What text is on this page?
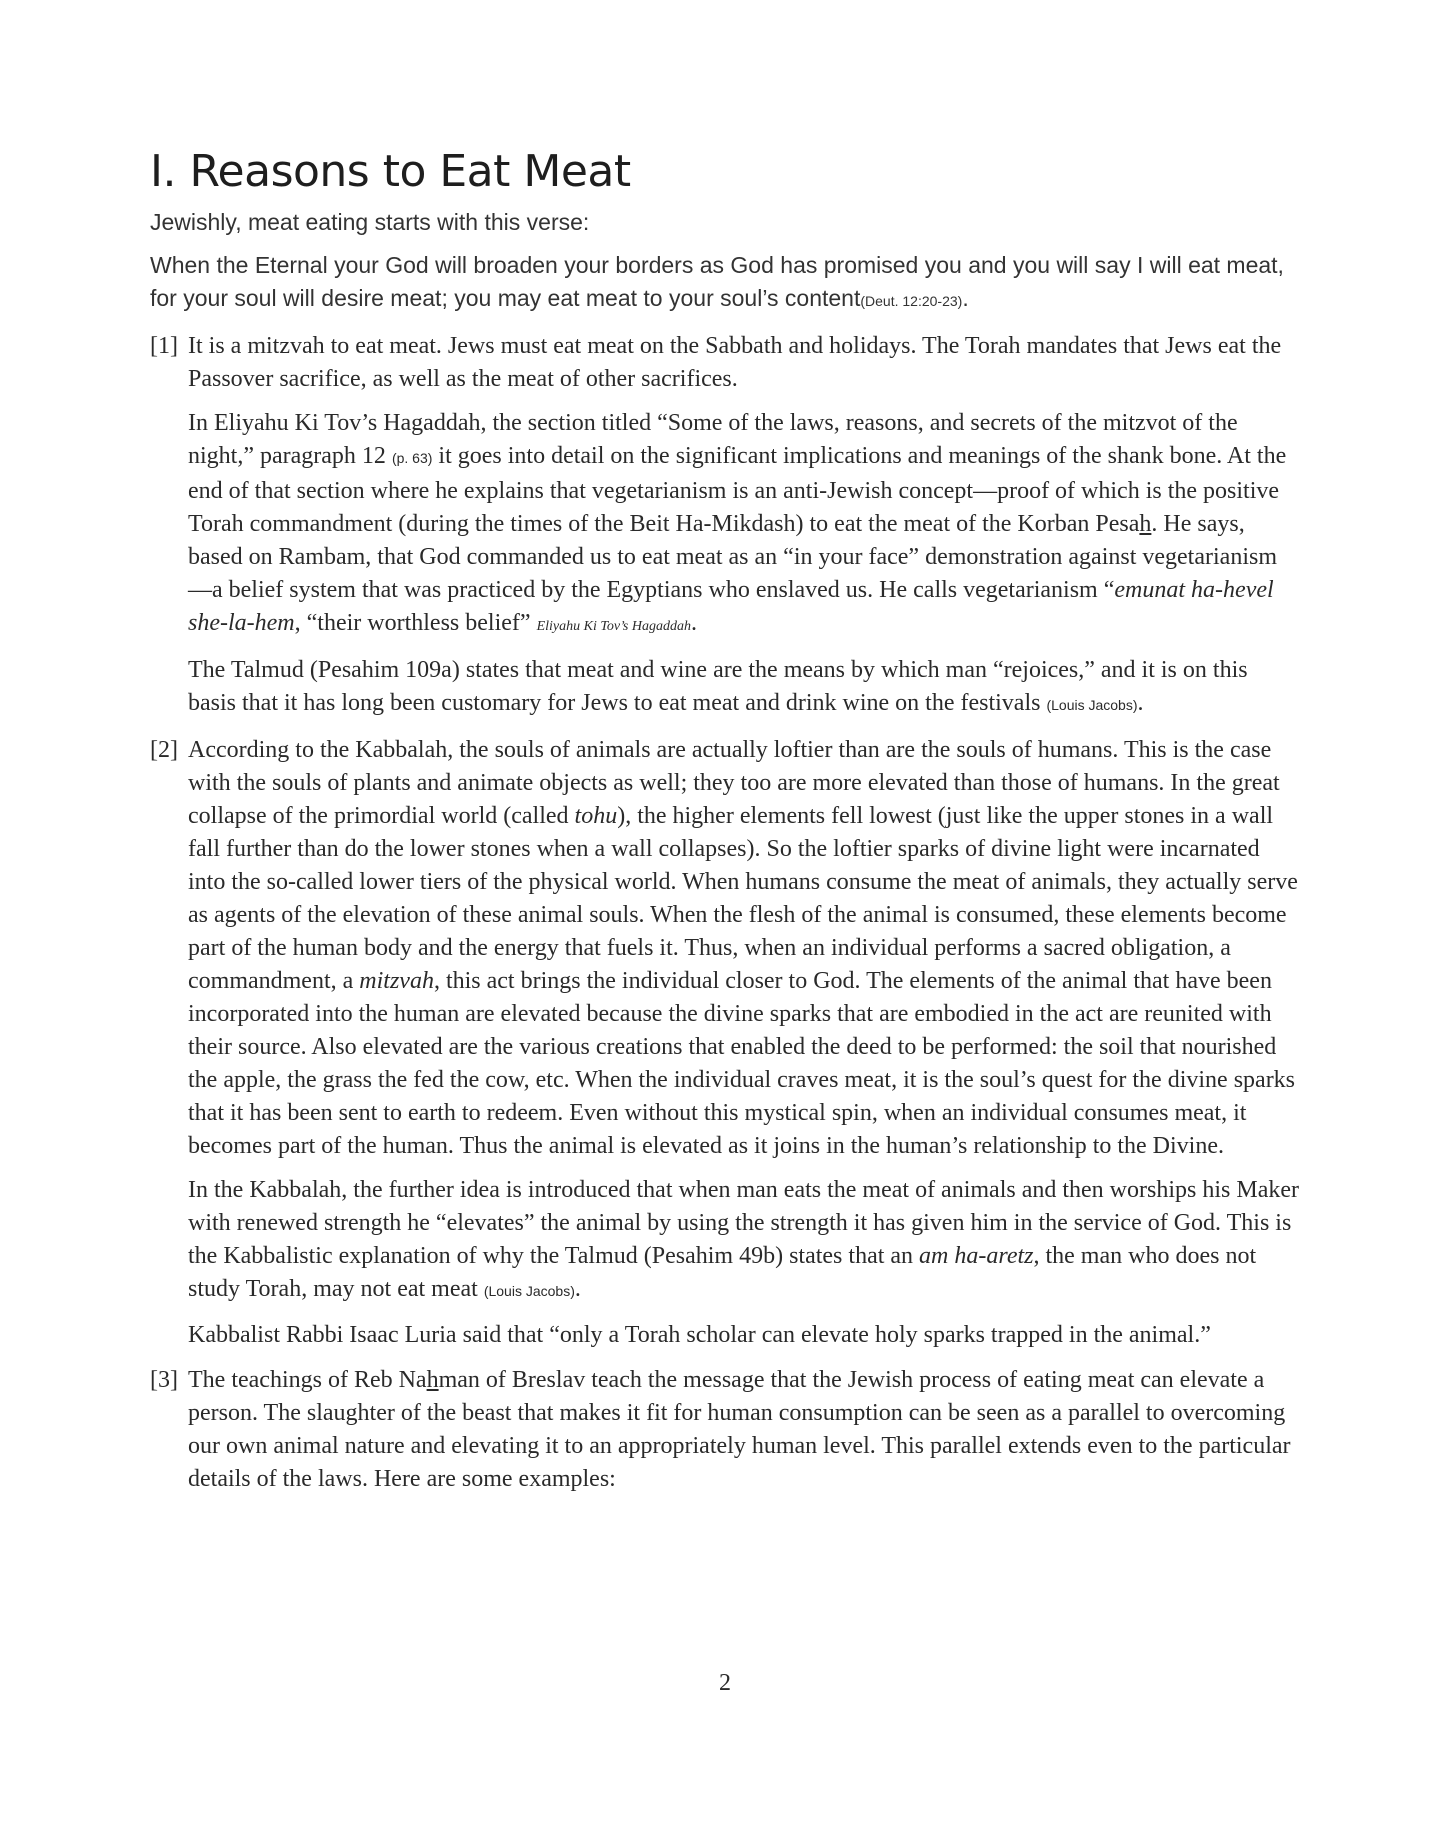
I. Reasons to Eat Meat

Jewishly, meat eating starts with this verse:

When the Eternal your God will broaden your borders as God has promised you and you will say I will eat meat, for your soul will desire meat; you may eat meat to your soul’s content(Deut. 12:20-23).

[1] It is a mitzvah to eat meat. Jews must eat meat on the Sabbath and holidays. The Torah mandates that Jews eat the Passover sacrifice, as well as the meat of other sacrifices.

In Eliyahu Ki Tov’s Hagaddah, the section titled “Some of the laws, reasons, and secrets of the mitzvot of the night,” paragraph 12 (p. 63) it goes into detail on the significant implications and meanings of the shank bone. At the end of that section where he explains that vegetarianism is an anti-Jewish concept—proof of which is the positive Torah commandment (during the times of the Beit Ha-Mikdash) to eat the meat of the Korban Pesah. He says, based on Rambam, that God commanded us to eat meat as an “in your face” demonstration against vegetarianism—a belief system that was practiced by the Egyptians who enslaved us. He calls vegetarianism “emunat ha-hevel she-la-hem, “their worthless belief” Eliyahu Ki Tov’s Hagaddah.

The Talmud (Pesahim 109a) states that meat and wine are the means by which man “rejoices,” and it is on this basis that it has long been customary for Jews to eat meat and drink wine on the festivals (Louis Jacobs).

[2] According to the Kabbalah, the souls of animals are actually loftier than are the souls of humans. This is the case with the souls of plants and animate objects as well; they too are more elevated than those of humans. In the great collapse of the primordial world (called tohu), the higher elements fell lowest (just like the upper stones in a wall fall further than do the lower stones when a wall collapses). So the loftier sparks of divine light were incarnated into the so-called lower tiers of the physical world. When humans consume the meat of animals, they actually serve as agents of the elevation of these animal souls. When the flesh of the animal is consumed, these elements become part of the human body and the energy that fuels it. Thus, when an individual performs a sacred obligation, a commandment, a mitzvah, this act brings the individual closer to God. The elements of the animal that have been incorporated into the human are elevated because the divine sparks that are embodied in the act are reunited with their source. Also elevated are the various creations that enabled the deed to be performed: the soil that nourished the apple, the grass the fed the cow, etc. When the individual craves meat, it is the soul’s quest for the divine sparks that it has been sent to earth to redeem. Even without this mystical spin, when an individual consumes meat, it becomes part of the human. Thus the animal is elevated as it joins in the human’s relationship to the Divine.

In the Kabbalah, the further idea is introduced that when man eats the meat of animals and then worships his Maker with renewed strength he “elevates” the animal by using the strength it has given him in the service of God. This is the Kabbalistic explanation of why the Talmud (Pesahim 49b) states that an am ha-aretz, the man who does not study Torah, may not eat meat (Louis Jacobs).

Kabbalist Rabbi Isaac Luria said that “only a Torah scholar can elevate holy sparks trapped in the animal.”

[3] The teachings of Reb Nahman of Breslav teach the message that the Jewish process of eating meat can elevate a person. The slaughter of the beast that makes it fit for human consumption can be seen as a parallel to overcoming our own animal nature and elevating it to an appropriately human level. This parallel extends even to the particular details of the laws. Here are some examples:

2
